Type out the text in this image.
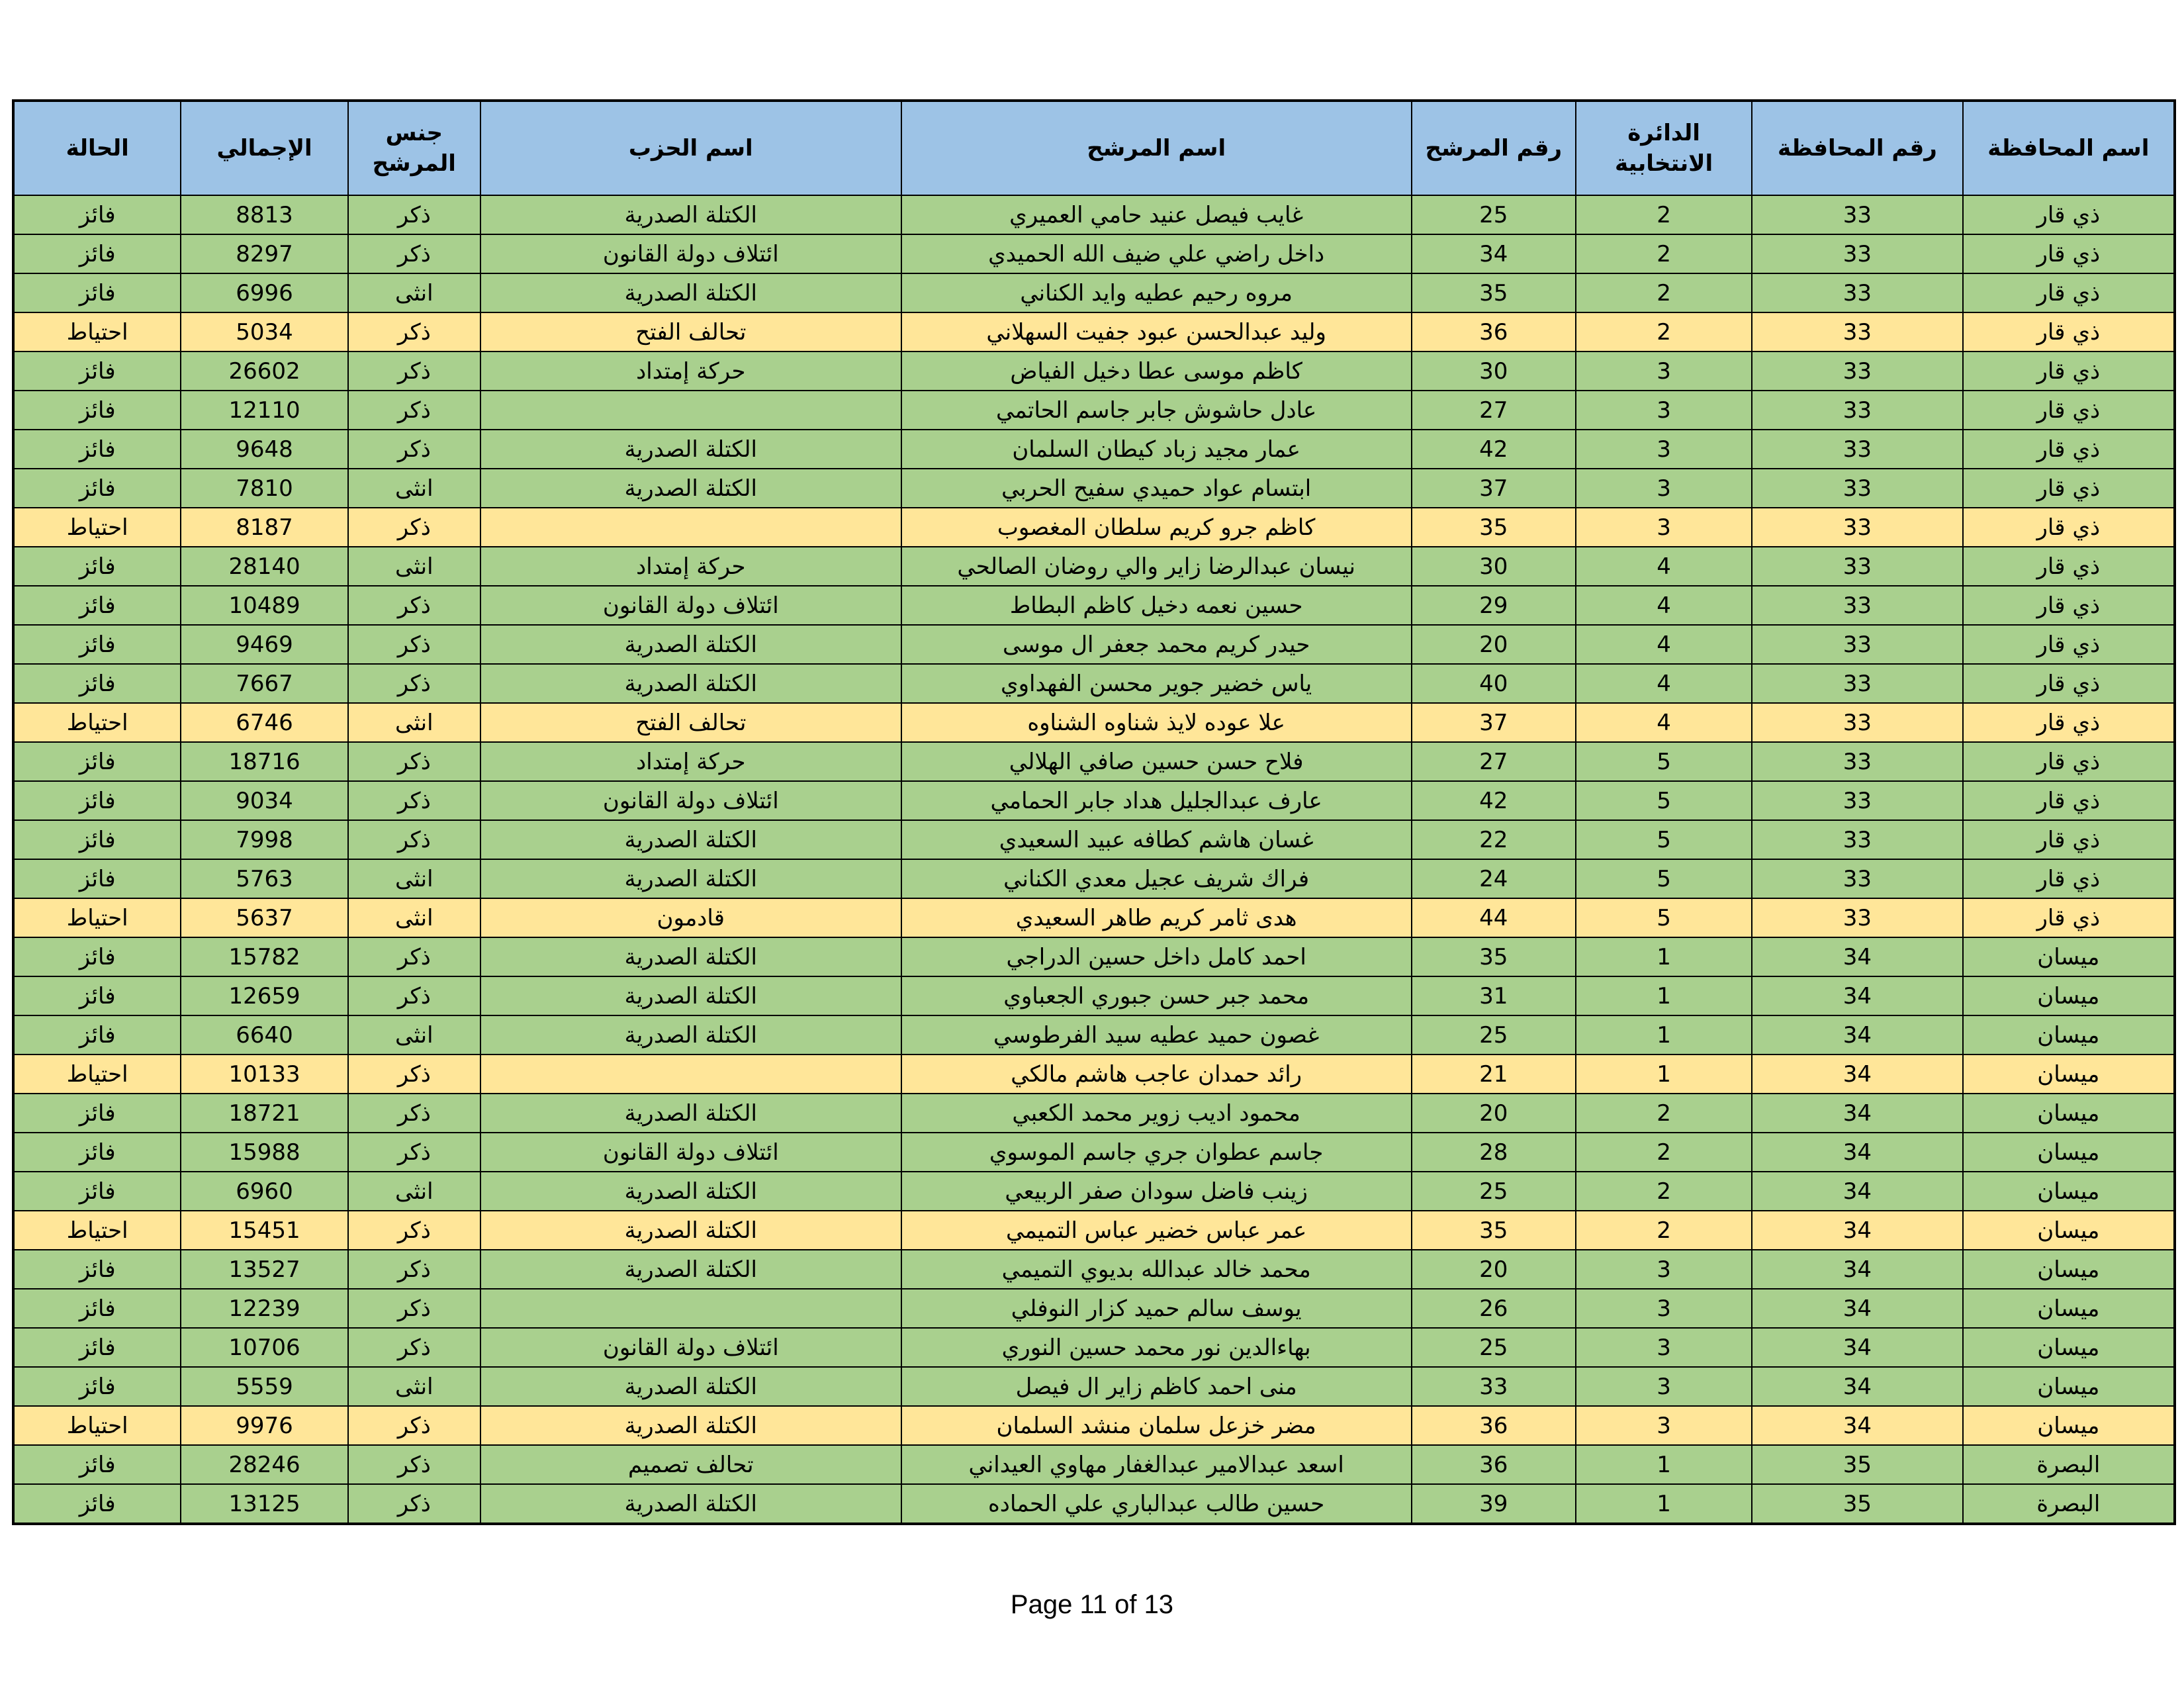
اسم المحافظة	رقم المحافظة	الدائرة الانتخابية	رقم المرشح	اسم المرشح	اسم الحزب	جنس المرشح	الإجمالي	الحالة
ذي قار	33	2	25	غايب فيصل عنيد حامي العميري	الكتلة الصدرية	ذكر	8813	فائز
ذي قار	33	2	34	داخل راضي علي ضيف الله الحميدي	ائتلاف دولة القانون	ذكر	8297	فائز
ذي قار	33	2	35	مروه رحيم عطيه وايد الكناني	الكتلة الصدرية	انثى	6996	فائز
ذي قار	33	2	36	وليد عبدالحسن عبود جفيت السهلاني	تحالف الفتح	ذكر	5034	احتياط
ذي قار	33	3	30	كاظم موسى عطا دخيل الفياض	حركة إمتداد	ذكر	26602	فائز
ذي قار	33	3	27	عادل حاشوش جابر جاسم الحاتمي		ذكر	12110	فائز
ذي قار	33	3	42	عمار مجيد زباد كيطان السلمان	الكتلة الصدرية	ذكر	9648	فائز
ذي قار	33	3	37	ابتسام عواد حميدي سفيح الحربي	الكتلة الصدرية	انثى	7810	فائز
ذي قار	33	3	35	كاظم جرو كريم سلطان المغصوب		ذكر	8187	احتياط
ذي قار	33	4	30	نيسان عبدالرضا زاير والي روضان الصالحي	حركة إمتداد	انثى	28140	فائز
ذي قار	33	4	29	حسين نعمه دخيل كاظم البطاط	ائتلاف دولة القانون	ذكر	10489	فائز
ذي قار	33	4	20	حيدر كريم محمد جعفر ال موسى	الكتلة الصدرية	ذكر	9469	فائز
ذي قار	33	4	40	ياس خضير جوير محسن الفهداوي	الكتلة الصدرية	ذكر	7667	فائز
ذي قار	33	4	37	علا عوده لايذ شناوه الشناوه	تحالف الفتح	انثى	6746	احتياط
ذي قار	33	5	27	فلاح حسن حسين صافي الهلالي	حركة إمتداد	ذكر	18716	فائز
ذي قار	33	5	42	عارف عبدالجليل هداد جابر الحمامي	ائتلاف دولة القانون	ذكر	9034	فائز
ذي قار	33	5	22	غسان هاشم كطافه عبيد السعيدي	الكتلة الصدرية	ذكر	7998	فائز
ذي قار	33	5	24	فراك شريف عجيل معدي الكناني	الكتلة الصدرية	انثى	5763	فائز
ذي قار	33	5	44	هدى ثامر كريم طاهر السعيدي	قادمون	انثى	5637	احتياط
ميسان	34	1	35	احمد كامل داخل حسين الدراجي	الكتلة الصدرية	ذكر	15782	فائز
ميسان	34	1	31	محمد جبر حسن جبوري الجعباوي	الكتلة الصدرية	ذكر	12659	فائز
ميسان	34	1	25	غصون حميد عطيه سيد الفرطوسي	الكتلة الصدرية	انثى	6640	فائز
ميسان	34	1	21	رائد حمدان عاجب هاشم مالكي		ذكر	10133	احتياط
ميسان	34	2	20	محمود اديب زوير محمد الكعبي	الكتلة الصدرية	ذكر	18721	فائز
ميسان	34	2	28	جاسم عطوان جري جاسم الموسوي	ائتلاف دولة القانون	ذكر	15988	فائز
ميسان	34	2	25	زينب فاضل سودان صفر الربيعي	الكتلة الصدرية	انثى	6960	فائز
ميسان	34	2	35	عمر عباس خضير عباس التميمي	الكتلة الصدرية	ذكر	15451	احتياط
ميسان	34	3	20	محمد خالد عبدالله بديوي التميمي	الكتلة الصدرية	ذكر	13527	فائز
ميسان	34	3	26	يوسف سالم حميد كزار النوفلي		ذكر	12239	فائز
ميسان	34	3	25	بهاءالدين نور محمد حسين النوري	ائتلاف دولة القانون	ذكر	10706	فائز
ميسان	34	3	33	منى احمد كاظم زاير ال فيصل	الكتلة الصدرية	انثى	5559	فائز
ميسان	34	3	36	مضر خزعل سلمان منشد السلمان	الكتلة الصدرية	ذكر	9976	احتياط
البصرة	35	1	36	اسعد عبدالامير عبدالغفار مهاوي العيداني	تحالف تصميم	ذكر	28246	فائز
البصرة	35	1	39	حسين طالب عبدالباري علي الحماده	الكتلة الصدرية	ذكر	13125	فائز
Page 11 of 13
